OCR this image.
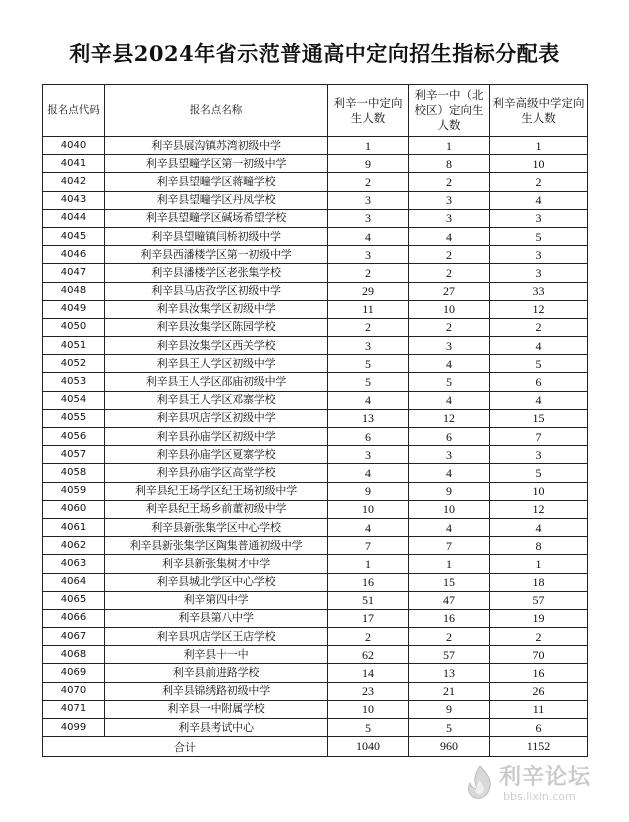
利辛县2024年省示范普通高中定向招生指标分配表
报名点代码	报名点名称	利辛一中定向生人数	利辛一中（北校区）定向生人数	利辛高级中学定向生人数
4040	利辛县展沟镇苏湾初级中学	1	1	1
4041	利辛县望疃学区第一初级中学	9	8	10
4042	利辛县望疃学区蒋疃学校	2	2	2
4043	利辛县望疃学区丹凤学校	3	3	4
4044	利辛县望疃学区碱场希望学校	3	3	3
4045	利辛县望疃镇闫桥初级中学	4	4	5
4046	利辛县西潘楼学区第一初级中学	3	2	3
4047	利辛县潘楼学区老张集学校	2	2	3
4048	利辛县马店孜学区初级中学	29	27	33
4049	利辛县汝集学区初级中学	11	10	12
4050	利辛县汝集学区陈园学校	2	2	2
4051	利辛县汝集学区西关学校	3	3	4
4052	利辛县王人学区初级中学	5	4	5
4053	利辛县王人学区邵庙初级中学	5	5	6
4054	利辛县王人学区邓寨学校	4	4	4
4055	利辛县巩店学区初级中学	13	12	15
4056	利辛县孙庙学区初级中学	6	6	7
4057	利辛县孙庙学区夏寨学校	3	3	3
4058	利辛县孙庙学区高堂学校	4	4	5
4059	利辛县纪王场学区纪王场初级中学	9	9	10
4060	利辛县纪王场乡前董初级中学	10	10	12
4061	利辛县新张集学区中心学校	4	4	4
4062	利辛县新张集学区陶集普通初级中学	7	7	8
4063	利辛县新张集树才中学	1	1	1
4064	利辛县城北学区中心学校	16	15	18
4065	利辛第四中学	51	47	57
4066	利辛县第八中学	17	16	19
4067	利辛县巩店学区王店学校	2	2	2
4068	利辛县十一中	62	57	70
4069	利辛县前进路学校	14	13	16
4070	利辛县锦绣路初级中学	23	21	26
4071	利辛县一中附属学校	10	9	11
4099	利辛县考试中心	5	5	6
合计		1040	960	1152
利辛论坛
bbs.lixin.com
